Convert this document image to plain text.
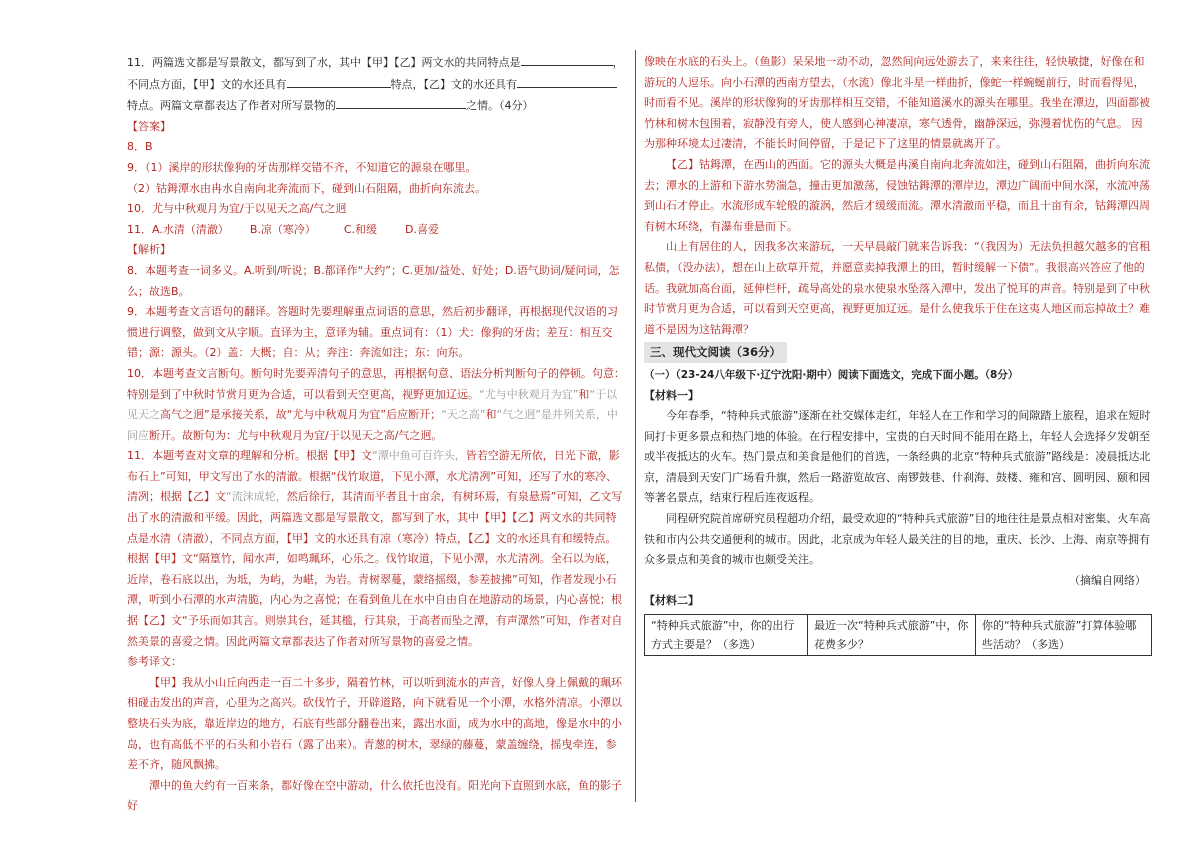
11．两篇选文都是写景散文，都写到了水，其中【甲】【乙】两文水的共同特点是	，
不同点方面，【甲】文的水还具有	特点，【乙】文的水还具有
特点。两篇文章都表达了作者对所写景物的	之情。（4分）

【答案】

8．B

9．（1）溪岸的形状像狗的牙齿那样交错不齐，不知道它的源泉在哪里。

（2）钴鉧潭水由冉水自南向北奔流而下，碰到山石阻隔，曲折向东流去。

10．尤与中秋观月为宜/于以见天之高/气之迥

11．A.水清（清澈） B.凉（寒冷）	C.和缓	D.喜爱

【解析】

8．本题考查一词多义。A.听到/听说；B.都译作“大约”；C.更加/益处、好处；D.语气助词/疑问词，怎么；故选B。

9．本题考查文言语句的翻译。答题时先要理解重点词语的意思，然后初步翻译，再根据现代汉语的习惯进行调整，做到文从字顺。直译为主，意译为辅。重点词有：（1）犬：像狗的牙齿；差互：相互交错；源：源头。（2）盖：大概；自：从；奔注：奔流如注；东：向东。

10．本题考查文言断句。断句时先要弄清句子的意思，再根据句意、语法分析判断句子的停顿。句意：特别是到了中秋时节赏月更为合适，可以看到天空更高，视野更加辽远。“尤与中秋观月为宜”和“于以见天之高气之迥”是承接关系，故“尤与中秋观月为宜”后应断开；“天之高”和“气之迥”是并列关系，中间应断开。故断句为：尤与中秋观月为宜/于以见天之高/气之迥。

11．本题考查对文章的理解和分析。根据【甲】文“潭中鱼可百许头，皆若空游无所依，日光下澈，影布石上”可知，甲文写出了水的清澈。根据“伐竹取道，下见小潭，水尤清冽”可知，还写了水的寒冷、清冽；根据【乙】文“流沫成轮，然后徐行，其清而平者且十亩余，有树环焉，有泉悬焉”可知，乙文写出了水的清澈和平缓。因此，两篇选文都是写景散文，都写到了水，其中【甲】【乙】两文水的共同特点是水清（清澈），不同点方面，【甲】文的水还具有凉（寒冷）特点，【乙】文的水还具有和缓特点。根据【甲】文“隔篁竹，闻水声，如鸣珮环，心乐之。伐竹取道，下见小潭，水尤清冽。全石以为底，近岸，卷石底以出，为坻，为屿，为嵁，为岩。青树翠蔓，蒙络摇缀，参差披拂”可知，作者发现小石潭，听到小石潭的水声清脆，内心为之喜悦；在看到鱼儿在水中自由自在地游动的场景，内心喜悦；根据【乙】文“予乐而如其言。则崇其台，延其槛，行其泉，于高者而坠之潭，有声潀然”可知，作者对自然美景的喜爱之情。因此两篇文章都表达了作者对所写景物的喜爱之情。

参考译文：

【甲】我从小山丘向西走一百二十多步，隔着竹林，可以听到流水的声音，好像人身上佩戴的珮环相碰击发出的声音，心里为之高兴。砍伐竹子，开辟道路，向下就看见一个小潭，水格外清凉。小潭以整块石头为底，靠近岸边的地方，石底有些部分翻卷出来，露出水面，成为水中的高地，像是水中的小岛，也有高低不平的石头和小岩石（露了出来）。青葱的树木，翠绿的藤蔓，蒙盖缠绕，摇曳牵连，参差不齐，随风飘拂。

潭中的鱼大约有一百来条，都好像在空中游动，什么依托也没有。阳光向下直照到水底，鱼的影子好

像映在水底的石头上。（鱼影）呆呆地一动不动，忽然间向远处游去了，来来往往，轻快敏捷，好像在和游玩的人逗乐。向小石潭的西南方望去，（水流）像北斗星一样曲折，像蛇一样蜿蜒前行，时而看得见，时而看不见。溪岸的形状像狗的牙齿那样相互交错，不能知道溪水的源头在哪里。我坐在潭边，四面都被竹林和树木包围着，寂静没有旁人，使人感到心神凄凉，寒气透骨，幽静深远，弥漫着忧伤的气息。 因为那种环境太过凄清，不能长时间停留，于是记下了这里的情景就离开了。

【乙】钴鉧潭，在西山的西面。它的源头大概是冉溪自南向北奔流如注，碰到山石阻隔，曲折向东流去；潭水的上游和下游水势湍急，撞击更加激荡，侵蚀钴鉧潭的潭岸边，潭边广阔而中间水深，水流冲荡到山石才停止。水流形成车轮般的漩涡，然后才缓缓而流。潭水清澈而平稳，而且十亩有余，钴鉧潭四周有树木环绕，有瀑布垂悬而下。

山上有居住的人，因我多次来游玩，一天早晨敲门就来告诉我：“（我因为）无法负担越欠越多的官租私债，（没办法），想在山上砍草开荒，并愿意卖掉我潭上的田，暂时缓解一下债”。我很高兴答应了他的话。我就加高台面，延伸栏杆，疏导高处的泉水使泉水坠落入潭中，发出了悦耳的声音。特别是到了中秋时节赏月更为合适，可以看到天空更高，视野更加辽远。是什么使我乐于住在这夷人地区而忘掉故土？难道不是因为这钴鉧潭？

三、现代文阅读（36分）

（一）（23-24八年级下·辽宁沈阳·期中）阅读下面选文，完成下面小题。（8分）

【材料一】

今年春季，“特种兵式旅游”逐渐在社交媒体走红，年轻人在工作和学习的间隙踏上旅程，追求在短时间打卡更多景点和热门地的体验。在行程安排中，宝贵的白天时间不能用在路上，年轻人会选择夕发朝至或半夜抵达的火车。热门景点和美食是他们的首选，一条经典的北京“特种兵式旅游”路线是：凌晨抵达北京，清晨到天安门广场看升旗，然后一路游览故宫、南锣鼓巷、什刹海、鼓楼、雍和宫、圆明园、颐和园等著名景点，结束行程后连夜返程。

同程研究院首席研究员程超功介绍，最受欢迎的“特种兵式旅游”目的地往往是景点相对密集、火车高铁和市内公共交通便利的城市。因此，北京成为年轻人最关注的目的地，重庆、长沙、上海、南京等拥有众多景点和美食的城市也颇受关注。

（摘编自网络）

【材料二】

“特种兵式旅游”中，你的出行方式主要是？（多选）	最近一次“特种兵式旅游”中，你花费多少？	你的“特种兵式旅游”打算体验哪些活动？（多选）
